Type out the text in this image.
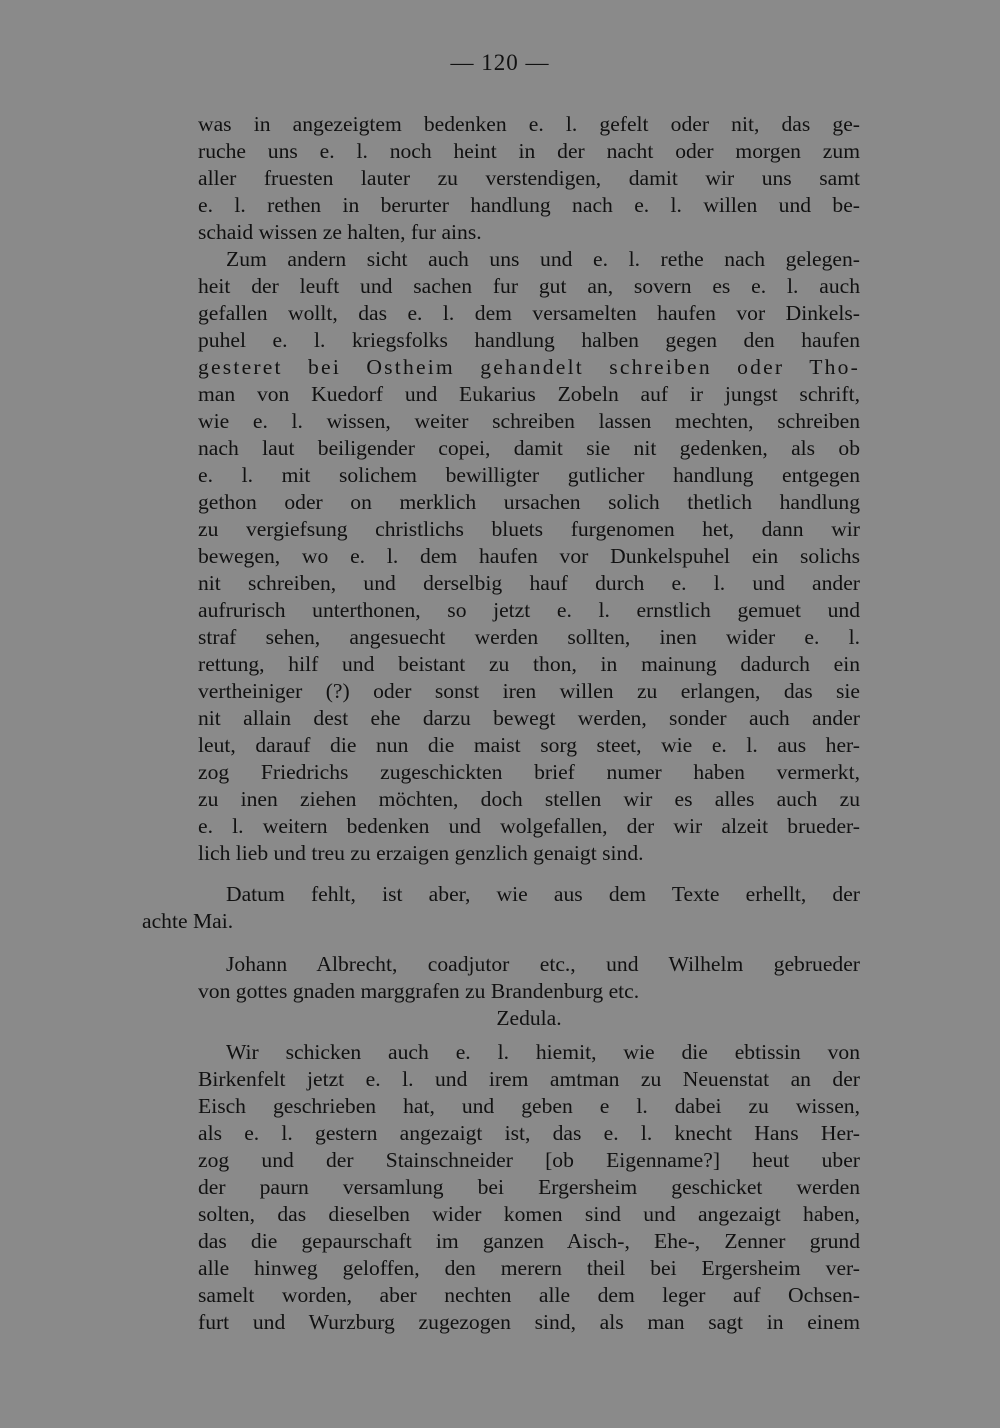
— 120 —
was in angezeigtem bedenken e. l. gefelt oder nit, das ge-
ruche uns e. l. noch heint in der nacht oder morgen zum
aller fruesten lauter zu verstendigen, damit wir uns samt
e. l. rethen in berurter handlung nach e. l. willen und be-
schaid wissen ze halten, fur ains.
Zum andern sicht auch uns und e. l. rethe nach gelegen-
heit der leuft und sachen fur gut an, sovern es e. l. auch
gefallen wollt, das e. l. dem versamelten haufen vor Dinkels-
puhel e. l. kriegsfolks handlung halben gegen den haufen
gesteret bei Ostheim gehandelt schreiben oder Tho-
man von Kuedorf und Eukarius Zobeln auf ir jungst schrift,
wie e. l. wissen, weiter schreiben lassen mechten, schreiben
nach laut beiligender copei, damit sie nit gedenken, als ob
e. l. mit solichem bewilligter gutlicher handlung entgegen
gethon oder on merklich ursachen solich thetlich handlung
zu vergiefsung christlichs bluets furgenomen het, dann wir
bewegen, wo e. l. dem haufen vor Dunkelspuhel ein solichs
nit schreiben, und derselbig hauf durch e. l. und ander
aufrurisch unterthonen, so jetzt e. l. ernstlich gemuet und
straf sehen, angesuecht werden sollten, inen wider e. l.
rettung, hilf und beistant zu thon, in mainung dadurch ein
vertheiniger (?) oder sonst iren willen zu erlangen, das sie
nit allain dest ehe darzu bewegt werden, sonder auch ander
leut, darauf die nun die maist sorg steet, wie e. l. aus her-
zog Friedrichs zugeschickten brief numer haben vermerkt,
zu inen ziehen möchten, doch stellen wir es alles auch zu
e. l. weitern bedenken und wolgefallen, der wir alzeit brueder-
lich lieb und treu zu erzaigen genzlich genaigt sind.
Datum fehlt, ist aber, wie aus dem Texte erhellt, der
achte Mai.
Johann Albrecht, coadjutor etc., und Wilhelm gebrueder
von gottes gnaden marggrafen zu Brandenburg etc.
Zedula.
Wir schicken auch e. l. hiemit, wie die ebtissin von
Birkenfelt jetzt e. l. und irem amtman zu Neuenstat an der
Eisch geschrieben hat, und geben e l. dabei zu wissen,
als e. l. gestern angezaigt ist, das e. l. knecht Hans Her-
zog und der Stainschneider [ob Eigenname?] heut uber
der paurn versamlung bei Ergersheim geschicket werden
solten, das dieselben wider komen sind und angezaigt haben,
das die gepaurschaft im ganzen Aisch-, Ehe-, Zenner grund
alle hinweg geloffen, den merern theil bei Ergersheim ver-
samelt worden, aber nechten alle dem leger auf Ochsen-
furt und Wurzburg zugezogen sind, als man sagt in einem
